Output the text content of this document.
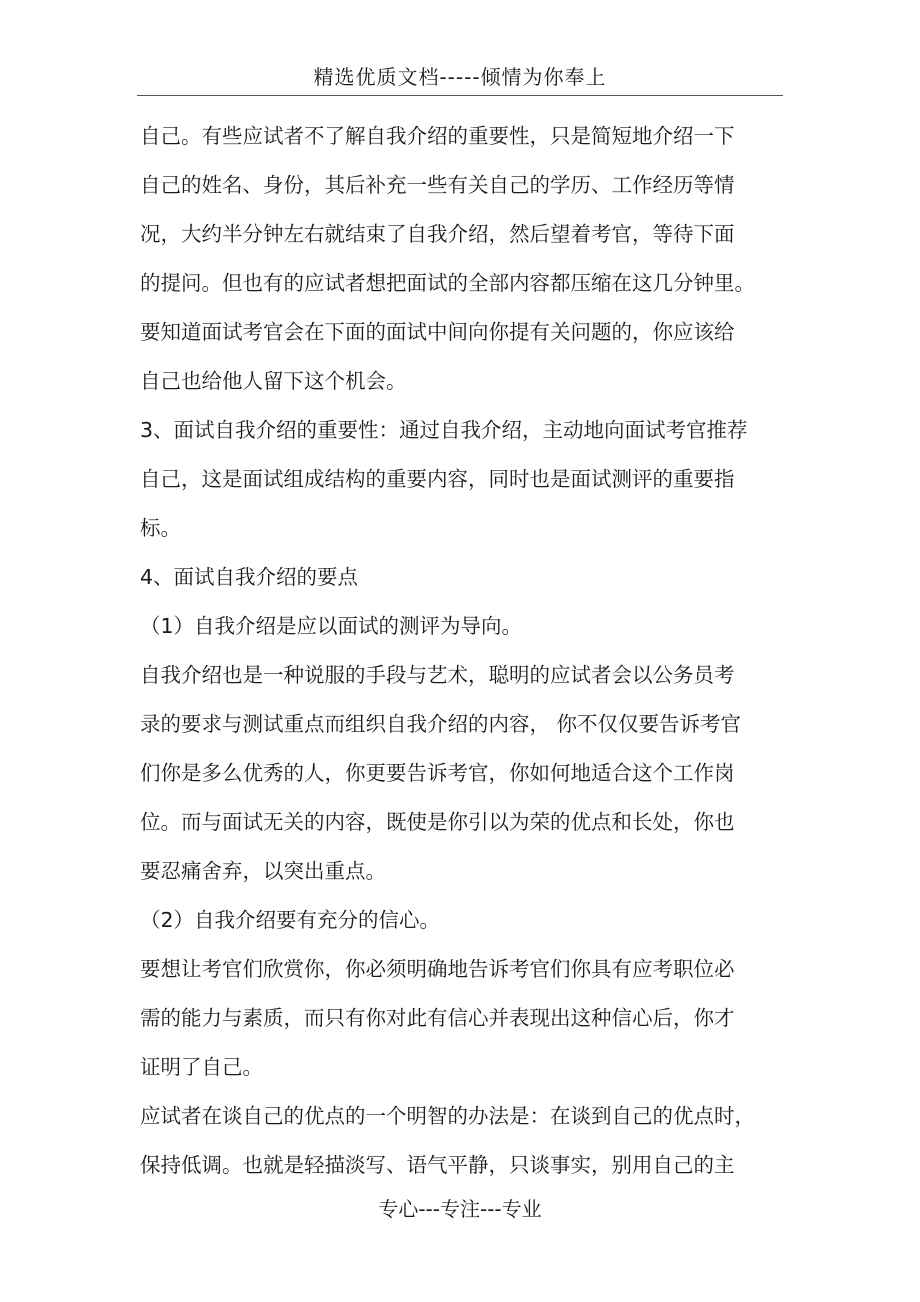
精选优质文档-----倾情为你奉上
自己。有些应试者不了解自我介绍的重要性，只是简短地介绍一下
自己的姓名、身份，其后补充一些有关自己的学历、工作经历等情
况，大约半分钟左右就结束了自我介绍，然后望着考官，等待下面
的提问。但也有的应试者想把面试的全部内容都压缩在这几分钟里。
要知道面试考官会在下面的面试中间向你提有关问题的，你应该给
自己也给他人留下这个机会。
3、面试自我介绍的重要性：通过自我介绍，主动地向面试考官推荐
自己，这是面试组成结构的重要内容，同时也是面试测评的重要指
标。
4、面试自我介绍的要点
（1）自我介绍是应以面试的测评为导向。
自我介绍也是一种说服的手段与艺术，聪明的应试者会以公务员考
录的要求与测试重点而组织自我介绍的内容， 你不仅仅要告诉考官
们你是多么优秀的人，你更要告诉考官，你如何地适合这个工作岗
位。而与面试无关的内容，既使是你引以为荣的优点和长处，你也
要忍痛舍弃，以突出重点。
（2）自我介绍要有充分的信心。
要想让考官们欣赏你，你必须明确地告诉考官们你具有应考职位必
需的能力与素质，而只有你对此有信心并表现出这种信心后，你才
证明了自己。
应试者在谈自己的优点的一个明智的办法是：在谈到自己的优点时，
保持低调。也就是轻描淡写、语气平静，只谈事实，别用自己的主
专心---专注---专业
